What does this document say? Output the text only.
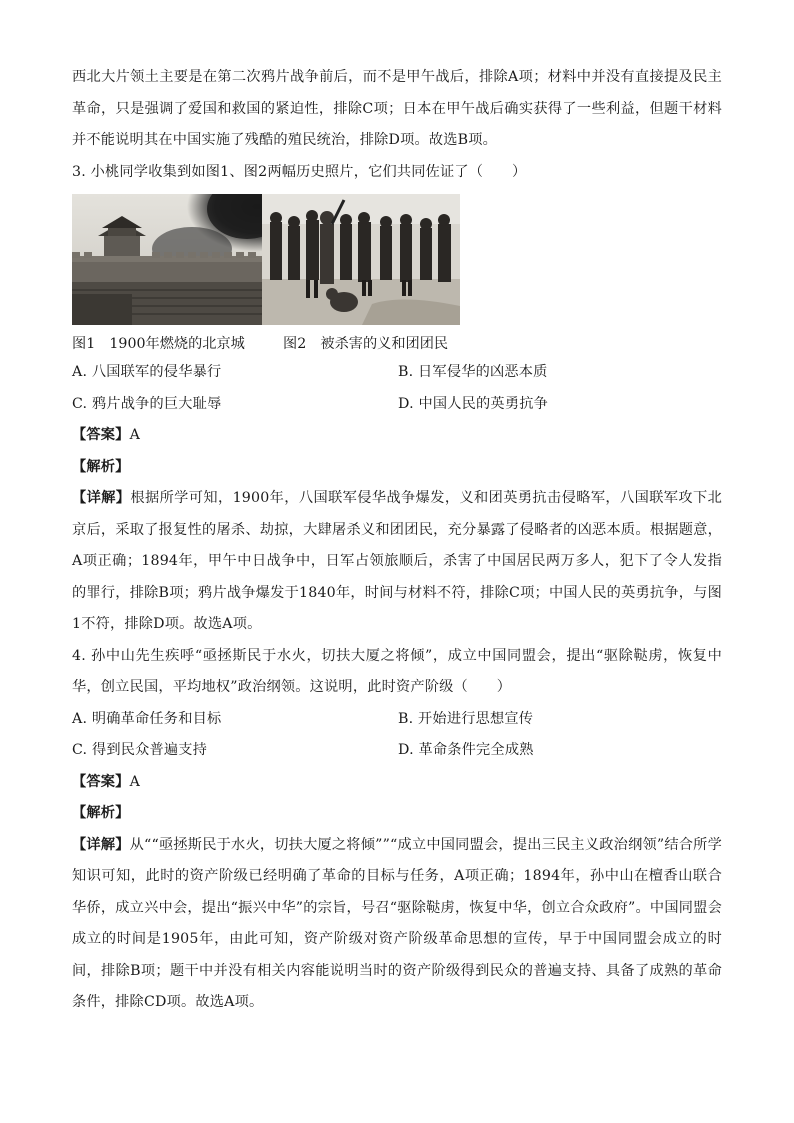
西北大片领土主要是在第二次鸦片战争前后，而不是甲午战后，排除A项；材料中并没有直接提及民主革命，只是强调了爱国和救国的紧迫性，排除C项；日本在甲午战后确实获得了一些利益，但题干材料并不能说明其在中国实施了残酷的殖民统治，排除D项。故选B项。

3. 小桃同学收集到如图1、图2两幅历史照片，它们共同佐证了（　　）

图1　1900年燃烧的北京城	图2　被杀害的义和团团民

A. 八国联军的侵华暴行	B. 日军侵华的凶恶本质

C. 鸦片战争的巨大耻辱	D. 中国人民的英勇抗争

【答案】A

【解析】

【详解】根据所学可知，1900年，八国联军侵华战争爆发，义和团英勇抗击侵略军，八国联军攻下北京后，采取了报复性的屠杀、劫掠，大肆屠杀义和团团民，充分暴露了侵略者的凶恶本质。根据题意，A项正确；1894年，甲午中日战争中，日军占领旅顺后，杀害了中国居民两万多人，犯下了令人发指的罪行，排除B项；鸦片战争爆发于1840年，时间与材料不符，排除C项；中国人民的英勇抗争，与图1不符，排除D项。故选A项。

4. 孙中山先生疾呼“亟拯斯民于水火，切扶大厦之将倾”，成立中国同盟会，提出“驱除鞑虏，恢复中华，创立民国，平均地权”政治纲领。这说明，此时资产阶级（　　）

A. 明确革命任务和目标	B. 开始进行思想宣传

C. 得到民众普遍支持	D. 革命条件完全成熟

【答案】A

【解析】

【详解】从““亟拯斯民于水火，切扶大厦之将倾””“成立中国同盟会，提出三民主义政治纲领”结合所学知识可知，此时的资产阶级已经明确了革命的目标与任务，A项正确；1894年，孙中山在檀香山联合华侨，成立兴中会，提出“振兴中华”的宗旨，号召“驱除鞑虏，恢复中华，创立合众政府”。中国同盟会成立的时间是1905年，由此可知，资产阶级对资产阶级革命思想的宣传，早于中国同盟会成立的时间，排除B项；题干中并没有相关内容能说明当时的资产阶级得到民众的普遍支持、具备了成熟的革命条件，排除CD项。故选A项。
